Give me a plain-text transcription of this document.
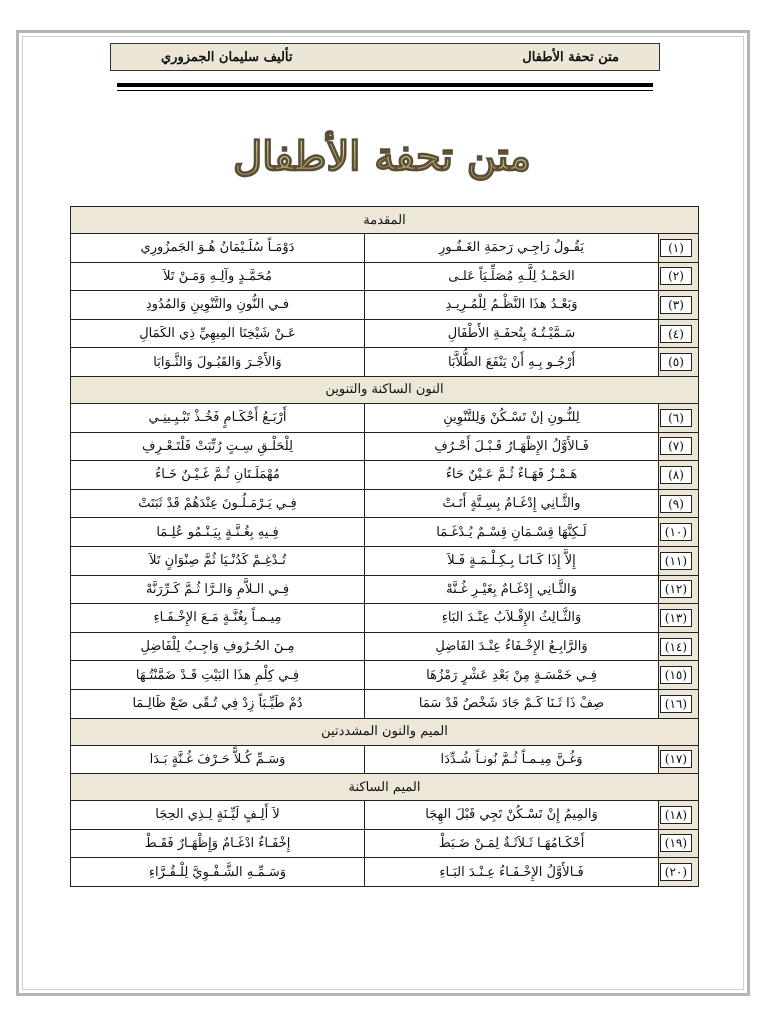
متن تحفة الأطفال
تأليف سليمان الجمزوري
متن تحفة الأطفال
المقدمة		
(١)	يَقُـولُ رَاجِـي رَحمَةِ الغَـفُـورِ	دَوْمَـاً سُلَـيْمَانُ هُـوَ الجَمزُورِي
(٢)	الحَمْـدُ لِلَّـهِ مُصَلِّـيَاً عَلـى	مُحَمَّـدٍ وآلِـهِ وَمَـنْ تَلاَ
(٣)	وَبَعْـدُ هذَا النَّظْـمُ لِلْمُـرِيـدِ	فـي النُّونِ والتَّنْوِينِ وَالمُدُودِ
(٤)	سَـمَّيْـتُـهُ بِتُحفَـةِ الأَطْفَالِ	عَـنْ شَيْخِنَا المِيهِيِّ ذِي الكَمَالِ
(٥)	أَرْجُـو بِـهِ أَنْ يَنْفَعَ الطُّلاَّبَا	وَالأَجْـرَ وَالقَبُـولَ وَالثَّـوَابَا
النون الساكنة والتنوين		
(٦)	لِلنُّـونِ إنْ تَسْـكُنْ وَلِلتَّنْوِينِ	أَرْبَـعُ أَحْكَـامٍ فَخُـذْ تَبْـيِـينِـي
(٧)	فَـالأَوَّلُ الإِظْهَـارُ قَـبْـلَ أَحْـرُفِ	لِلْحَلْـقِ سِـتٍ رُتِّبَتْ فَلْتَـعْـرِفِ
(٨)	هَـمْـزٌ فَهَـاءٌ ثُـمَّ عَـيْنٌ حَاءُ	مُهْمَلَـتَانِ ثُـمَّ غَـيْـنٌ خَـاءُ
(٩)	والثَّـانِي إِدْغَـامٌ بِسِـتَّةٍ أَتَـتْ	فِـي يَـرْمَـلُـونَ عِنْدَهُمْ قَدْ ثَبَتَتْ
(١٠)	لَـكِنَّهَا قِسْـمَانِ قِسْـمٌ يُـدْغَـمَا	فِـيهِ بِغُـنَّـةٍ بِيَـنْـمُو عُلِـمَا
(١١)	إِلاَّ إِذَا كَـانَـا بِـكِـلْـمَـةٍ فَـلاَ	تُـدْغِـمْ كَدُنْـيَا ثُمَّ صِنْوَانٍ تَلاَ
(١٢)	وَالثَّـانِي إِدْغَـامٌ بِغَيْـرِ غُـنَّهْ	فِـي الـلاَّمِ وَالـرَّا ثُـمَّ كَـرِّرَنَّهْ
(١٣)	وَالثَّـالِثُ الإِقْـلاَبُ عِنْـدَ البَاءِ	مِيـمـاً بِغُنَّـةٍ مَـعَ الإِخْـفَـاءِ
(١٤)	وَالرَّابِـعُ الإِخْـفَاءُ عِنْـدَ الفَاضِلِ	مِـنَ الحُـرُوفِ وَاجِـبٌ لِلْفَاضِلِ
(١٥)	فِـي خَمْسَـةٍ مِنْ بَعْدِ عَشْرٍ رَمْزُهَا	فِـي كِلْمِ هذَا البَيْتِ قَـدْ ضَمَّنْتُـهَا
(١٦)	صِفْ ذَا ثَـنَا كَـمْ جَادَ شَخْصٌ قَدْ سَمَا	دُمْ طَيِّـبَاً زِدْ فِي تُـقًى ضَعْ ظَالِـمَا
الميم والنون المشددتين		
(١٧)	وَغُـنَّ مِيـمـاً ثُـمَّ نُونـاً شُـدِّدَا	وَسَـمِّ كُـلاًّ حَـرْفَ غُـنَّةٍ بَـدَا
الميم الساكنة		
(١٨)	وَالمِيمُ إِنْ تَسْـكُنْ تَجِي قَبْلَ الهِجَا	لاَ أَلِـفٍ لَيِّـنَةٍ لِـذِي الحِجَا
(١٩)	أَحْكَـامُهَـا ثَـلاَثَـةٌ لِمَـنْ ضَـبَطْ	إِخْفَـاءٌ ادْغَـامٌ وَإِظْهَـارٌ فَقَـطْ
(٢٠)	فَـالأَوَّلُ الإِخْـفَـاءُ عِـنْـدَ البَـاءِ	وَسَـمِّـهِ الشَّـفْـوِيَّ لِلْـقُـرَّاءِ
